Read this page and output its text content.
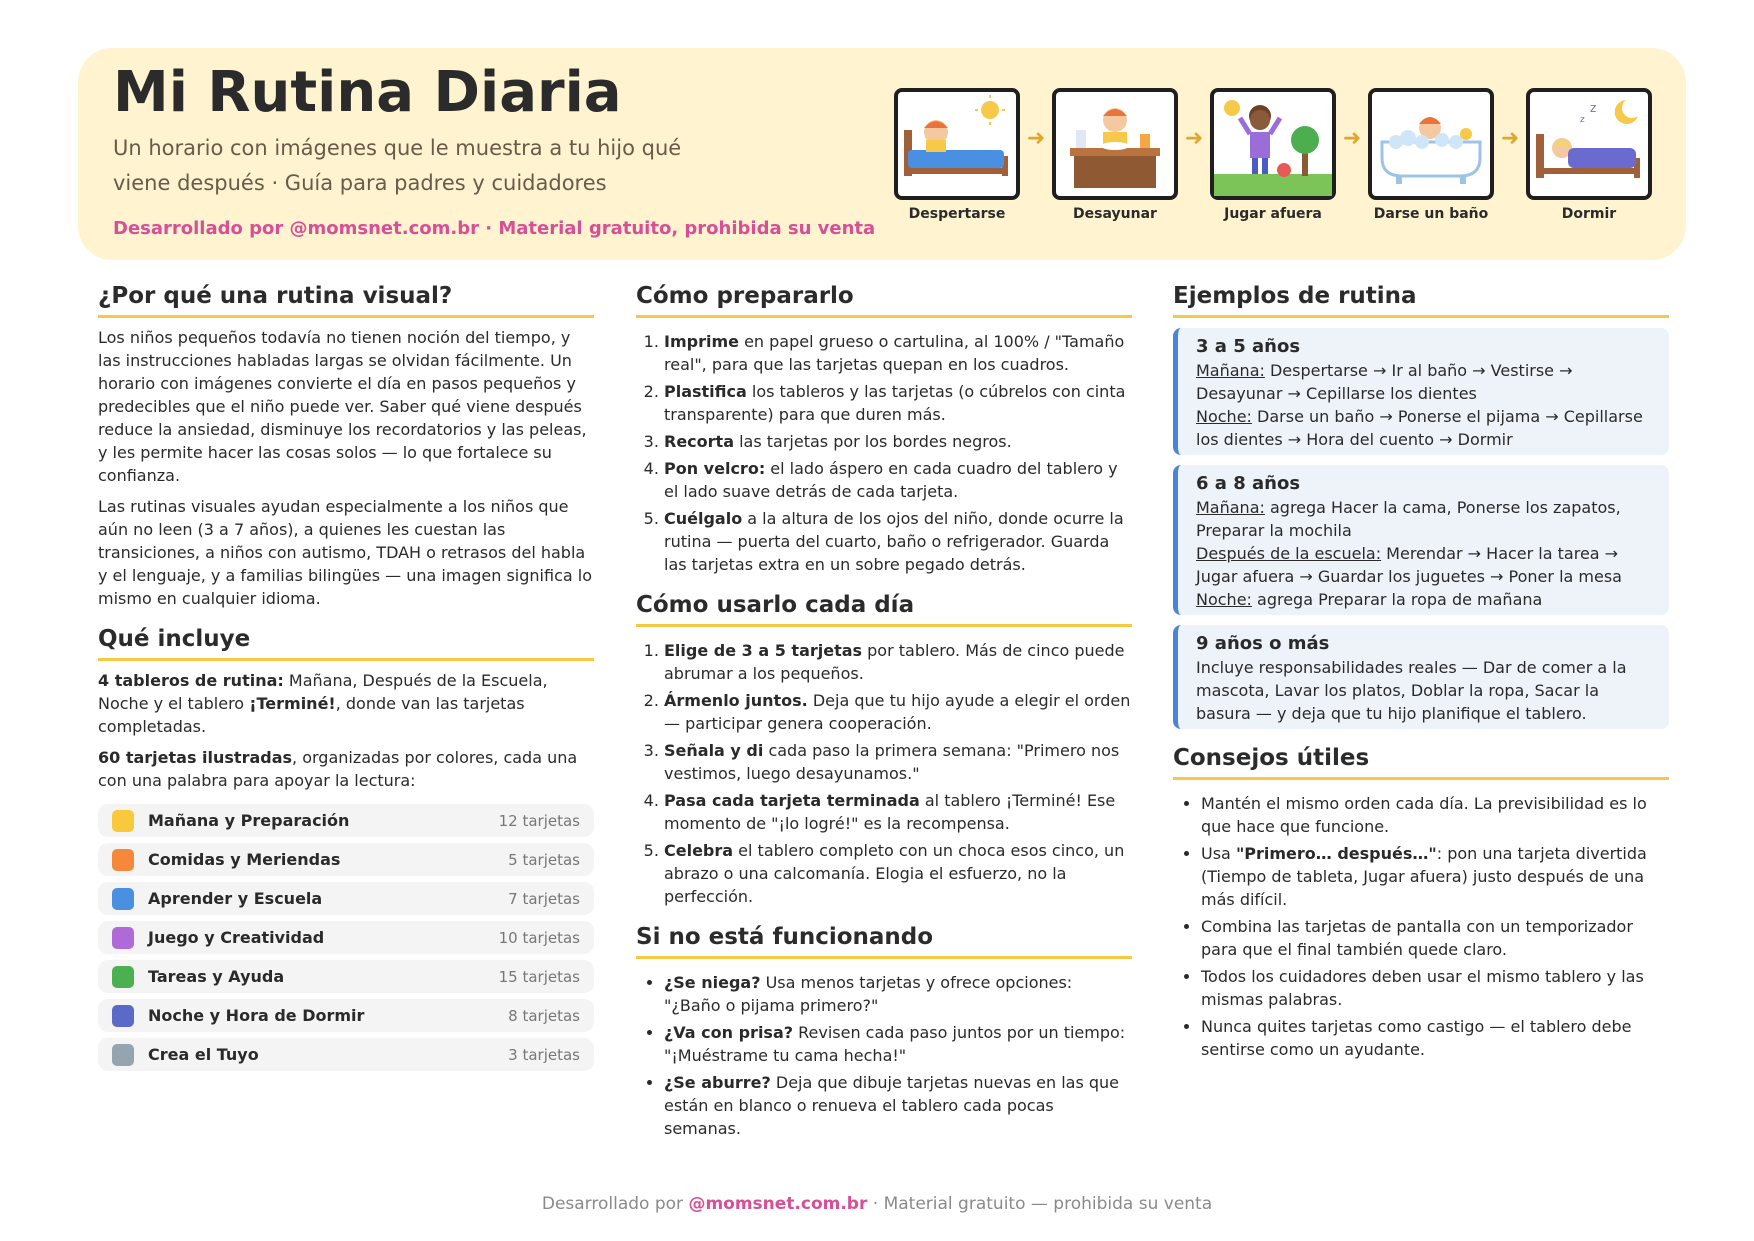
Mi Rutina Diaria
Un horario con imágenes que le muestra a tu hijo qué viene después · Guía para padres y cuidadores
Desarrollado por @momsnet.com.br · Material gratuito, prohibida su venta
Despertarse
➜
Desayunar
➜
Jugar afuera
➜
Darse un baño
➜
z
z
Dormir
¿Por qué una rutina visual?

Los niños pequeños todavía no tienen noción del tiempo, y las instrucciones habladas largas se olvidan fácilmente. Un horario con imágenes convierte el día en pasos pequeños y predecibles que el niño puede ver. Saber qué viene después reduce la ansiedad, disminuye los recordatorios y las peleas, y les permite hacer las cosas solos — lo que fortalece su confianza.

Las rutinas visuales ayudan especialmente a los niños que aún no leen (3 a 7 años), a quienes les cuestan las transiciones, a niños con autismo, TDAH o retrasos del habla y el lenguaje, y a familias bilingües — una imagen significa lo mismo en cualquier idioma.

Qué incluye

4 tableros de rutina: Mañana, Después de la Escuela, Noche y el tablero ¡Terminé!, donde van las tarjetas completadas.

60 tarjetas ilustradas, organizadas por colores, cada una con una palabra para apoyar la lectura:

Mañana y Preparación	12 tarjetas
Comidas y Meriendas	5 tarjetas
Aprender y Escuela	7 tarjetas
Juego y Creatividad	10 tarjetas
Tareas y Ayuda	15 tarjetas
Noche y Hora de Dormir	8 tarjetas
Crea el Tuyo	3 tarjetas
Cómo prepararlo
1. Imprime en papel grueso o cartulina, al 100% / "Tamaño real", para que las tarjetas quepan en los cuadros.
2. Plastifica los tableros y las tarjetas (o cúbrelos con cinta transparente) para que duren más.
3. Recorta las tarjetas por los bordes negros.
4. Pon velcro: el lado áspero en cada cuadro del tablero y el lado suave detrás de cada tarjeta.
5. Cuélgalo a la altura de los ojos del niño, donde ocurre la rutina — puerta del cuarto, baño o refrigerador. Guarda las tarjetas extra en un sobre pegado detrás.
Cómo usarlo cada día
1. Elige de 3 a 5 tarjetas por tablero. Más de cinco puede abrumar a los pequeños.
2. Ármenlo juntos. Deja que tu hijo ayude a elegir el orden — participar genera cooperación.
3. Señala y di cada paso la primera semana: "Primero nos vestimos, luego desayunamos."
4. Pasa cada tarjeta terminada al tablero ¡Terminé! Ese momento de "¡lo logré!" es la recompensa.
5. Celebra el tablero completo con un choca esos cinco, un abrazo o una calcomanía. Elogia el esfuerzo, no la perfección.
Si no está funcionando
• ¿Se niega? Usa menos tarjetas y ofrece opciones: "¿Baño o pijama primero?"
• ¿Va con prisa? Revisen cada paso juntos por un tiempo: "¡Muéstrame tu cama hecha!"
• ¿Se aburre? Deja que dibuje tarjetas nuevas en las que están en blanco o renueva el tablero cada pocas semanas.
Ejemplos de rutina
3 a 5 años

Mañana: Despertarse → Ir al baño → Vestirse → Desayunar → Cepillarse los dientes

Noche: Darse un baño → Ponerse el pijama → Cepillarse los dientes → Hora del cuento → Dormir

6 a 8 años

Mañana: agrega Hacer la cama, Ponerse los zapatos, Preparar la mochila

Después de la escuela: Merendar → Hacer la tarea → Jugar afuera → Guardar los juguetes → Poner la mesa

Noche: agrega Preparar la ropa de mañana

9 años o más

Incluye responsabilidades reales — Dar de comer a la mascota, Lavar los platos, Doblar la ropa, Sacar la basura — y deja que tu hijo planifique el tablero.

Consejos útiles
• Mantén el mismo orden cada día. La previsibilidad es lo que hace que funcione.
• Usa "Primero… después…": pon una tarjeta divertida (Tiempo de tableta, Jugar afuera) justo después de una más difícil.
• Combina las tarjetas de pantalla con un temporizador para que el final también quede claro.
• Todos los cuidadores deben usar el mismo tablero y las mismas palabras.
• Nunca quites tarjetas como castigo — el tablero debe sentirse como un ayudante.
Desarrollado por @momsnet.com.br · Material gratuito — prohibida su venta
